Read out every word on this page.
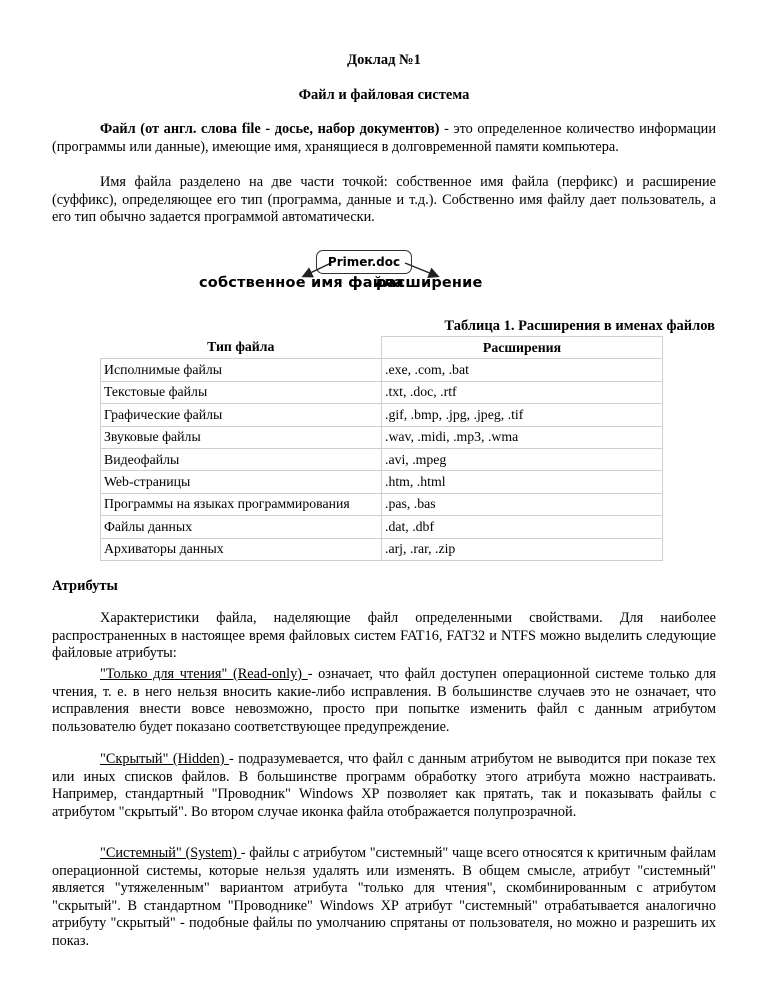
Доклад №1
Файл и файловая система

Файл (от англ. слова file - досье, набор документов) - это определенное количество информации (программы или данные), имеющие имя, хранящиеся в долговременной памяти компьютера.

Имя файла разделено на две части точкой: собственное имя файла (перфикс) и расширение (суффикс), определяющее его тип (программа, данные и т.д.). Собственно имя файлу дает пользователь, а его тип обычно задается программой автоматически.

Primer.doc
собственное имя файла
расширение
Таблица 1. Расширения в именах файлов
Тип файла	Расширения
Исполнимые файлы	.exe, .com, .bat
Текстовые файлы	.txt, .doc, .rtf
Графические файлы	.gif, .bmp, .jpg, .jpeg, .tif
Звуковые файлы	.wav, .midi, .mp3, .wma
Видеофайлы	.avi, .mpeg
Web-страницы	.htm, .html
Программы на языках программирования	.pas, .bas
Файлы данных	.dat, .dbf
Архиваторы данных	.arj, .rar, .zip
Атрибуты

Характеристики файла, наделяющие файл определенными свойствами. Для наиболее распространенных в настоящее время файловых систем FAT16, FAT32 и NTFS можно выделить следующие файловые атрибуты:

"Только для чтения" (Read-only) - означает, что файл доступен операционной системе только для чтения, т. е. в него нельзя вносить какие-либо исправления. В большинстве случаев это не означает, что исправления внести вовсе невозможно, просто при попытке изменить файл с данным атрибутом пользователю будет показано соответствующее предупреждение.

"Скрытый" (Hidden) - подразумевается, что файл с данным атрибутом не выводится при показе тех или иных списков файлов. В большинстве программ обработку этого атрибута можно настраивать. Например, стандартный "Проводник" Windows XP позволяет как прятать, так и показывать файлы с атрибутом "скрытый". Во втором случае иконка файла отображается полупрозрачной.

"Системный" (System) - файлы с атрибутом "системный" чаще всего относятся к критичным файлам операционной системы, которые нельзя удалять или изменять. В общем смысле, атрибут "системный" является "утяжеленным" вариантом атрибута "только для чтения", скомбинированным с атрибутом "скрытый". В стандартном "Проводнике" Windows XP атрибут "системный" отрабатывается аналогично атрибуту "скрытый" - подобные файлы по умолчанию спрятаны от пользователя, но можно и разрешить их показ.
